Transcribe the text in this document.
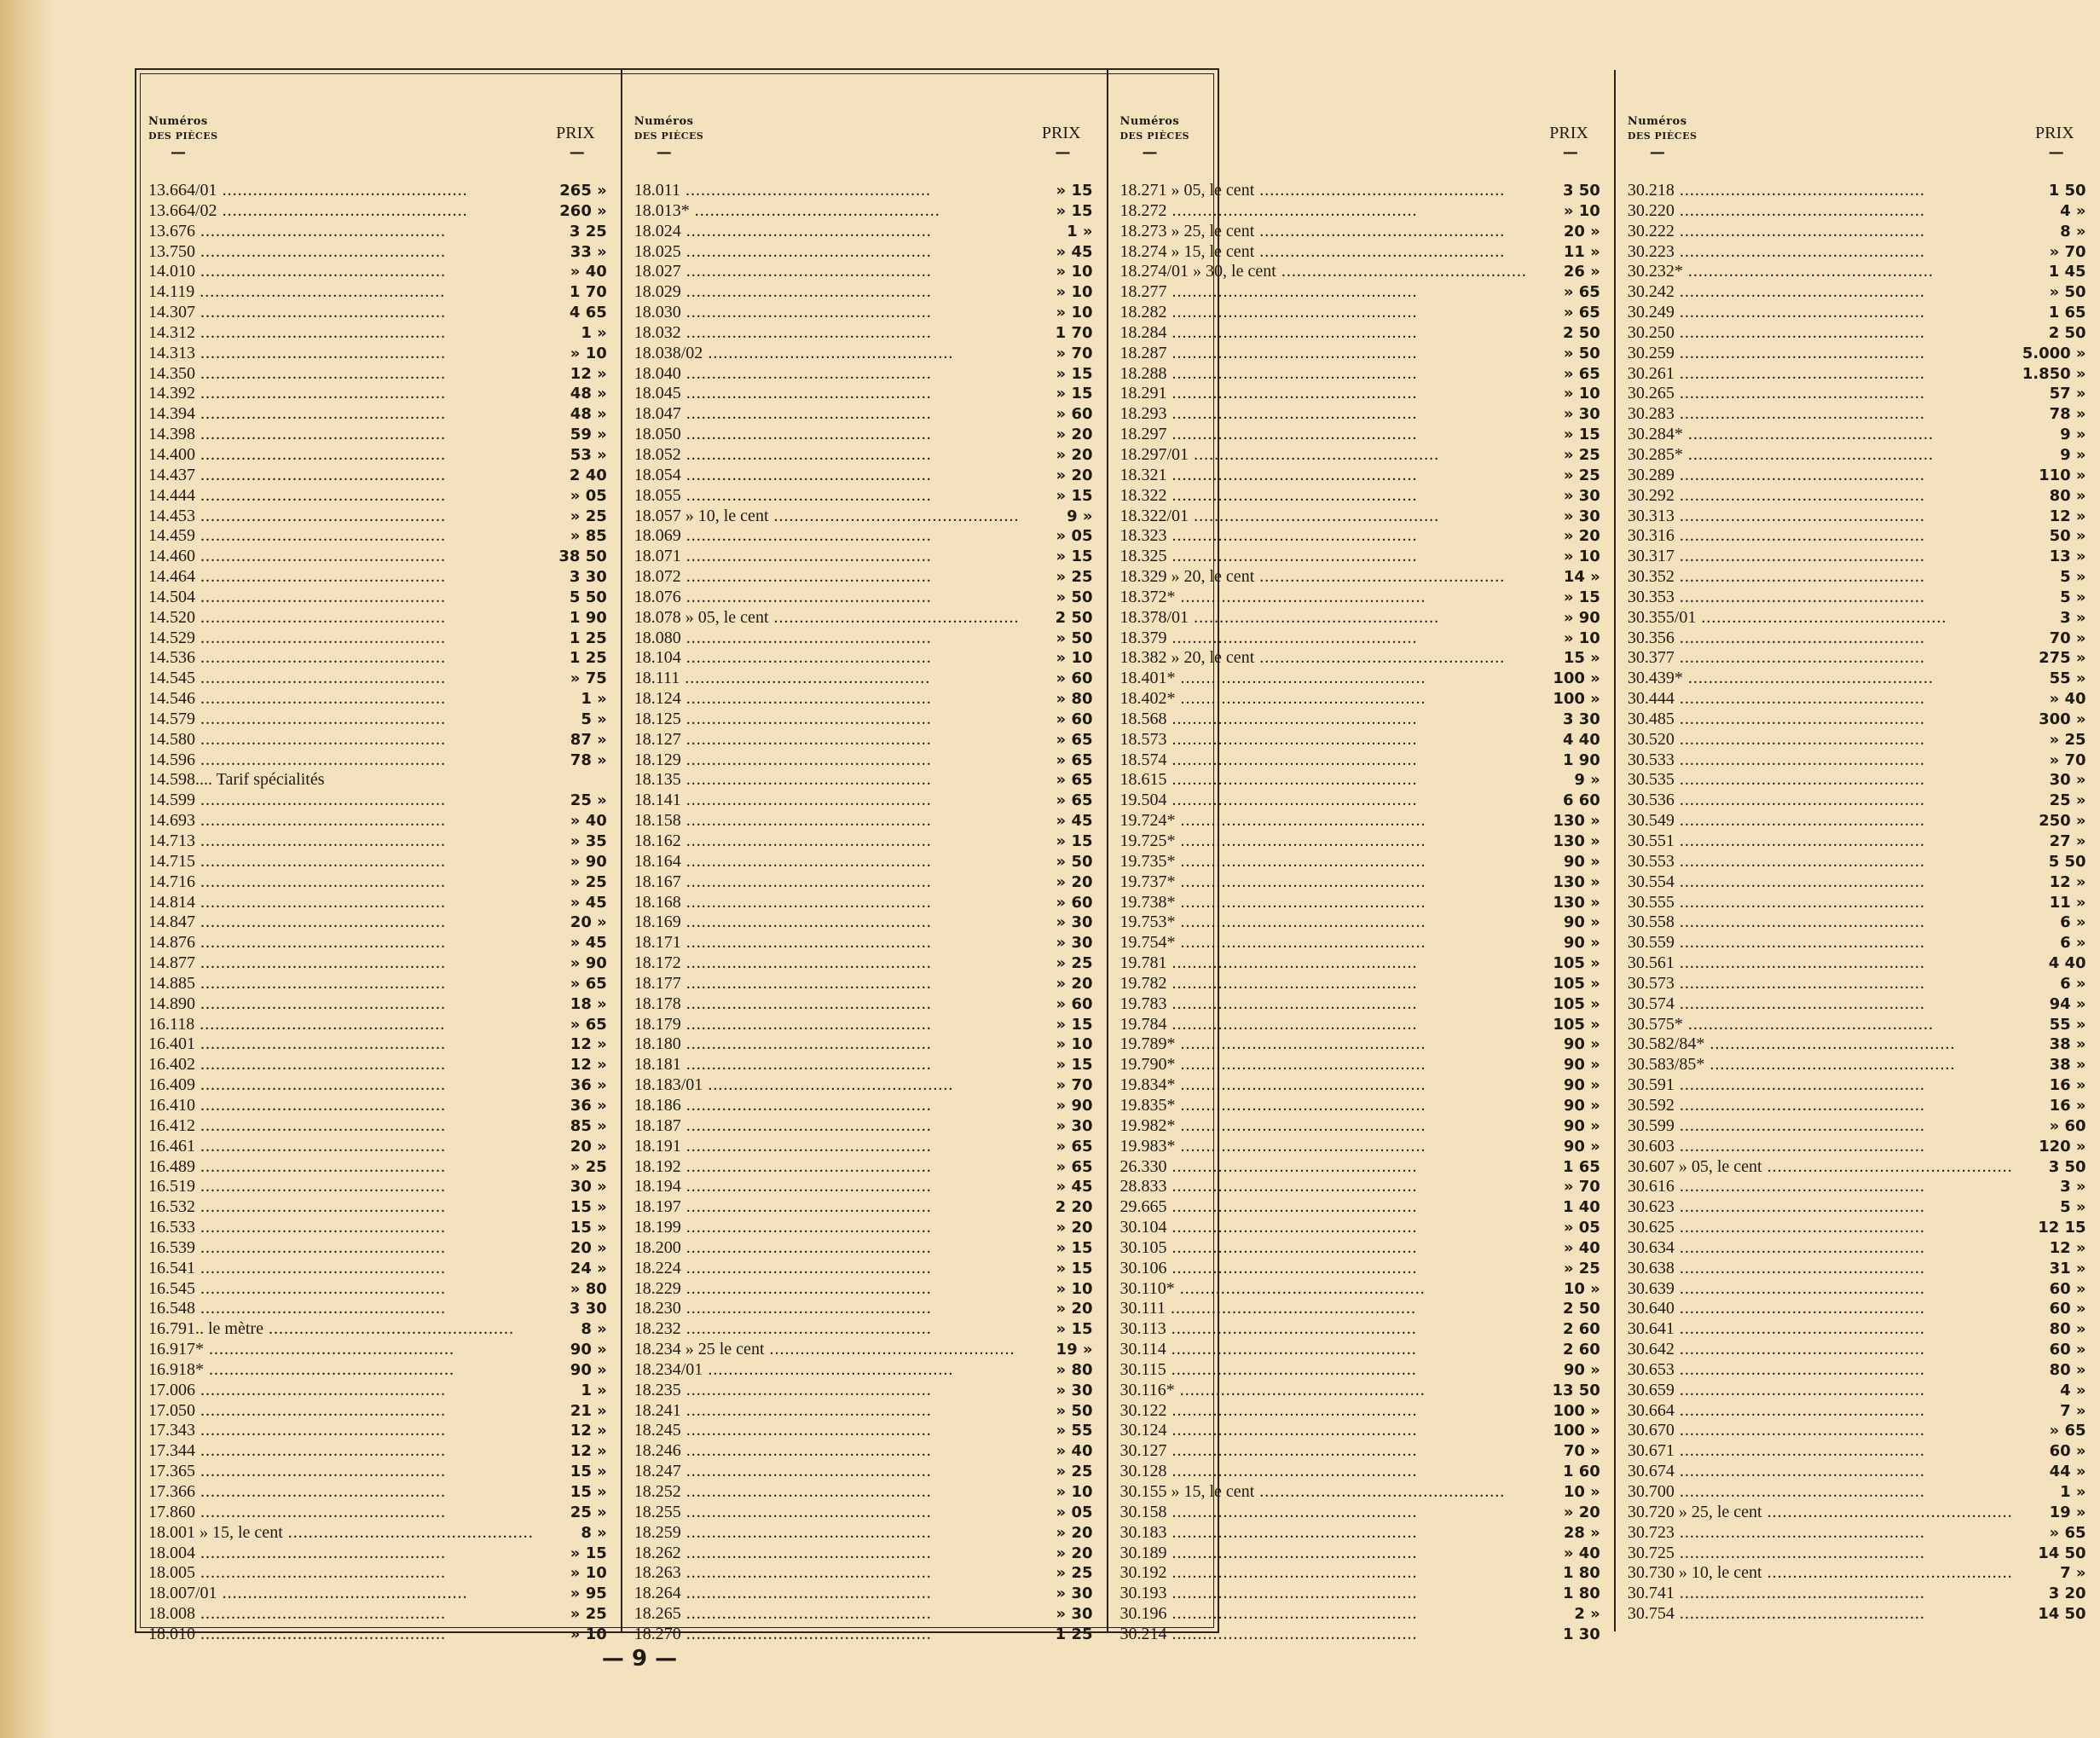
Numéros
DES PIÈCES	PRIX
—	—
13.664/01 .....	265 »
13.664/02 .....	260 »
13.676 .....	3 25
13.750 .....	33 »
14.010 .....	» 40
14.119 .....	1 70
14.307 .....	4 65
14.312 .....	1 »
14.313 .....	» 10
14.350 .....	12 »
14.392 .....	48 »
14.394 .....	48 »
14.398 .....	59 »
14.400 .....	53 »
14.437 .....	2 40
14.444 .....	» 05
14.453 .....	» 25
14.459 .....	» 85
14.460 .....	38 50
14.464 .....	3 30
14.504 .....	5 50
14.520 .....	1 90
14.529 .....	1 25
14.536 .....	1 25
14.545 .....	» 75
14.546 .....	1 »
14.579 .....	5 »
14.580 .....	87 »
14.596 .....	78 »
14.598.... Tarif spécialités
14.599 .....	25 »
14.693 .....	» 40
14.713 .....	» 35
14.715 .....	» 90
14.716 .....	» 25
14.814 .....	» 45
14.847 .....	20 »
14.876 .....	» 45
14.877 .....	» 90
14.885 .....	» 65
14.890 .....	18 »
16.118 .....	» 65
16.401 .....	12 »
16.402 .....	12 »
16.409 .....	36 »
16.410 .....	36 »
16.412 .....	85 »
16.461 .....	20 »
16.489 .....	» 25
16.519 .....	30 »
16.532 .....	15 »
16.533 .....	15 »
16.539 .....	20 »
16.541 .....	24 »
16.545 .....	» 80
16.548 .....	3 30
16.791.. le mètre .....	8 »
16.917* .....	90 »
16.918* .....	90 »
17.006 .....	1 »
17.050 .....	21 »
17.343 .....	12 »
17.344 .....	12 »
17.365 .....	15 »
17.366 .....	15 »
17.860 .....	25 »
18.001 » 15, le cent .....	8 »
18.004 .....	» 15
18.005 .....	» 10
18.007/01 .....	» 95
18.008 .....	» 25
18.010 .....	» 10
Numéros
DES PIÈCES	PRIX
—	—
18.011 .....	» 15
18.013* .....	» 15
18.024 .....	1 »
18.025 .....	» 45
18.027 .....	» 10
18.029 .....	» 10
18.030 .....	» 10
18.032 .....	1 70
18.038/02 .....	» 70
18.040 .....	» 15
18.045 .....	» 15
18.047 .....	» 60
18.050 .....	» 20
18.052 .....	» 20
18.054 .....	» 20
18.055 .....	» 15
18.057 » 10, le cent .....	9 »
18.069 .....	» 05
18.071 .....	» 15
18.072 .....	» 25
18.076 .....	» 50
18.078 » 05, le cent .....	2 50
18.080 .....	» 50
18.104 .....	» 10
18.111 .....	» 60
18.124 .....	» 80
18.125 .....	» 60
18.127 .....	» 65
18.129 .....	» 65
18.135 .....	» 65
18.141 .....	» 65
18.158 .....	» 45
18.162 .....	» 15
18.164 .....	» 50
18.167 .....	» 20
18.168 .....	» 60
18.169 .....	» 30
18.171 .....	» 30
18.172 .....	» 25
18.177 .....	» 20
18.178 .....	» 60
18.179 .....	» 15
18.180 .....	» 10
18.181 .....	» 15
18.183/01 .....	» 70
18.186 .....	» 90
18.187 .....	» 30
18.191 .....	» 65
18.192 .....	» 65
18.194 .....	» 45
18.197 .....	2 20
18.199 .....	» 20
18.200 .....	» 15
18.224 .....	» 15
18.229 .....	» 10
18.230 .....	» 20
18.232 .....	» 15
18.234 » 25 le cent .....	19 »
18.234/01 .....	» 80
18.235 .....	» 30
18.241 .....	» 50
18.245 .....	» 55
18.246 .....	» 40
18.247 .....	» 25
18.252 .....	» 10
18.255 .....	» 05
18.259 .....	» 20
18.262 .....	» 20
18.263 .....	» 25
18.264 .....	» 30
18.265 .....	» 30
18.270 .....	1 25
Numéros
DES PIÈCES	PRIX
—	—
18.271 » 05, le cent .....	3 50
18.272 .....	» 10
18.273 » 25, le cent .....	20 »
18.274 » 15, le cent .....	11 »
18.274/01 » 30, le cent .....	26 »
18.277 .....	» 65
18.282 .....	» 65
18.284 .....	2 50
18.287 .....	» 50
18.288 .....	» 65
18.291 .....	» 10
18.293 .....	» 30
18.297 .....	» 15
18.297/01 .....	» 25
18.321 .....	» 25
18.322 .....	» 30
18.322/01 .....	» 30
18.323 .....	» 20
18.325 .....	» 10
18.329 » 20, le cent .....	14 »
18.372* .....	» 15
18.378/01 .....	» 90
18.379 .....	» 10
18.382 » 20, le cent .....	15 »
18.401* .....	100 »
18.402* .....	100 »
18.568 .....	3 30
18.573 .....	4 40
18.574 .....	1 90
18.615 .....	9 »
19.504 .....	6 60
19.724* .....	130 »
19.725* .....	130 »
19.735* .....	90 »
19.737* .....	130 »
19.738* .....	130 »
19.753* .....	90 »
19.754* .....	90 »
19.781 .....	105 »
19.782 .....	105 »
19.783 .....	105 »
19.784 .....	105 »
19.789* .....	90 »
19.790* .....	90 »
19.834* .....	90 »
19.835* .....	90 »
19.982* .....	90 »
19.983* .....	90 »
26.330 .....	1 65
28.833 .....	» 70
29.665 .....	1 40
30.104 .....	» 05
30.105 .....	» 40
30.106 .....	» 25
30.110* .....	10 »
30.111 .....	2 50
30.113 .....	2 60
30.114 .....	2 60
30.115 .....	90 »
30.116* .....	13 50
30.122 .....	100 »
30.124 .....	100 »
30.127 .....	70 »
30.128 .....	1 60
30.155 » 15, le cent .....	10 »
30.158 .....	» 20
30.183 .....	28 »
30.189 .....	» 40
30.192 .....	1 80
30.193 .....	1 80
30.196 .....	2 »
30.214 .....	1 30
Numéros
DES PIÈCES	PRIX
—	—
30.218 .....	1 50
30.220 .....	4 »
30.222 .....	8 »
30.223 .....	» 70
30.232* .....	1 45
30.242 .....	» 50
30.249 .....	1 65
30.250 .....	2 50
30.259 .....	5.000 »
30.261 .....	1.850 »
30.265 .....	57 »
30.283 .....	78 »
30.284* .....	9 »
30.285* .....	9 »
30.289 .....	110 »
30.292 .....	80 »
30.313 .....	12 »
30.316 .....	50 »
30.317 .....	13 »
30.352 .....	5 »
30.353 .....	5 »
30.355/01 .....	3 »
30.356 .....	70 »
30.377 .....	275 »
30.439* .....	55 »
30.444 .....	» 40
30.485 .....	300 »
30.520 .....	» 25
30.533 .....	» 70
30.535 .....	30 »
30.536 .....	25 »
30.549 .....	250 »
30.551 .....	27 »
30.553 .....	5 50
30.554 .....	12 »
30.555 .....	11 »
30.558 .....	6 »
30.559 .....	6 »
30.561 .....	4 40
30.573 .....	6 »
30.574 .....	94 »
30.575* .....	55 »
30.582/84* .....	38 »
30.583/85* .....	38 »
30.591 .....	16 »
30.592 .....	16 »
30.599 .....	» 60
30.603 .....	120 »
30.607 » 05, le cent .....	3 50
30.616 .....	3 »
30.623 .....	5 »
30.625 .....	12 15
30.634 .....	12 »
30.638 .....	31 »
30.639 .....	60 »
30.640 .....	60 »
30.641 .....	80 »
30.642 .....	60 »
30.653 .....	80 »
30.659 .....	4 »
30.664 .....	7 »
30.670 .....	» 65
30.671 .....	60 »
30.674 .....	44 »
30.700 .....	1 »
30.720 » 25, le cent .....	19 »
30.723 .....	» 65
30.725 .....	14 50
30.730 » 10, le cent .....	7 »
30.741 .....	3 20
30.754 .....	14 50
— 9 —
